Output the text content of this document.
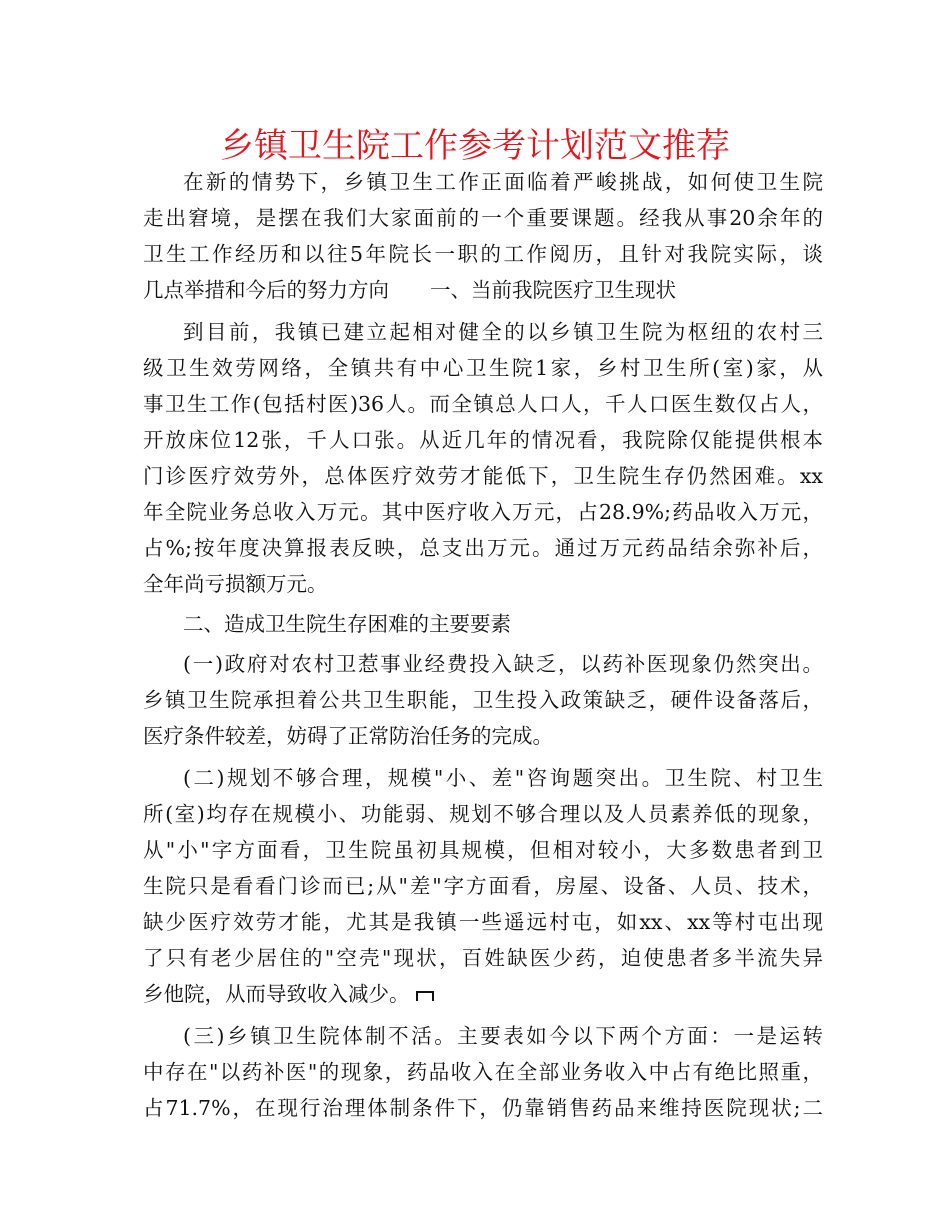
乡镇卫生院工作参考计划范文推荐
在新的情势下，乡镇卫生工作正面临着严峻挑战，如何使卫生院
走出窘境，是摆在我们大家面前的一个重要课题。经我从事20余年的
卫生工作经历和以往5年院长一职的工作阅历，且针对我院实际，谈
几点举措和今后的努力方向　　一、当前我院医疗卫生现状
到目前，我镇已建立起相对健全的以乡镇卫生院为枢纽的农村三
级卫生效劳网络，全镇共有中心卫生院1家，乡村卫生所(室)家，从
事卫生工作(包括村医)36人。而全镇总人口人，千人口医生数仅占人，
开放床位12张，千人口张。从近几年的情况看，我院除仅能提供根本
门诊医疗效劳外，总体医疗效劳才能低下，卫生院生存仍然困难。xx
年全院业务总收入万元。其中医疗收入万元，占28.9%;药品收入万元，
占%;按年度决算报表反映，总支出万元。通过万元药品结余弥补后，
全年尚亏损额万元。
二、造成卫生院生存困难的主要要素
(一)政府对农村卫惹事业经费投入缺乏，以药补医现象仍然突出。
乡镇卫生院承担着公共卫生职能，卫生投入政策缺乏，硬件设备落后，
医疗条件较差，妨碍了正常防治任务的完成。
(二)规划不够合理，规模"小、差"咨询题突出。卫生院、村卫生
所(室)均存在规模小、功能弱、规划不够合理以及人员素养低的现象，
从"小"字方面看，卫生院虽初具规模，但相对较小，大多数患者到卫
生院只是看看门诊而已;从"差"字方面看，房屋、设备、人员、技术，
缺少医疗效劳才能，尤其是我镇一些遥远村屯，如xx、xx等村屯出现
了只有老少居住的"空壳"现状，百姓缺医少药，迫使患者多半流失异
乡他院，从而导致收入减少。
(三)乡镇卫生院体制不活。主要表如今以下两个方面：一是运转
中存在"以药补医"的现象，药品收入在全部业务收入中占有绝比照重，
占71.7%，在现行治理体制条件下，仍靠销售药品来维持医院现状;二
